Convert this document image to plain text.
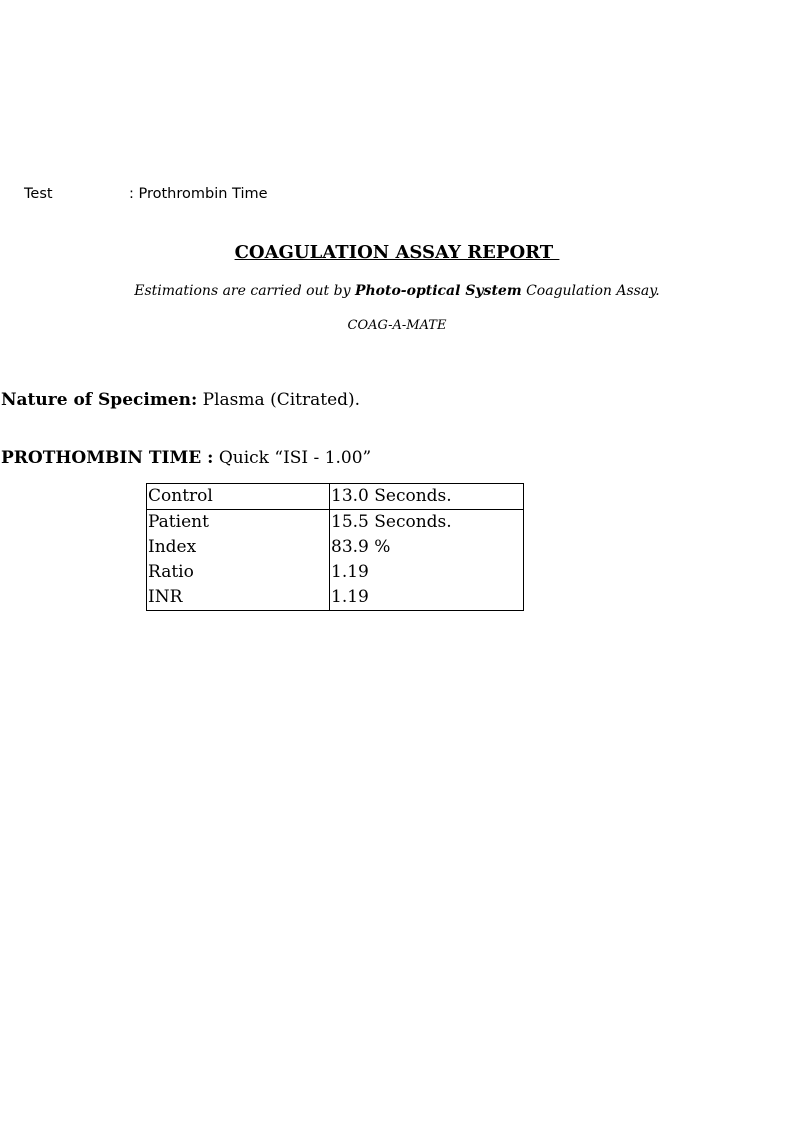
Test	: Prothrombin Time
COAGULATION ASSAY REPORT
Estimations are carried out by Photo-optical System Coagulation Assay.
COAG-A-MATE
Nature of Specimen: Plasma (Citrated).
PROTHOMBIN TIME : Quick “ISI - 1.00”
Control	13.0 Seconds.
Patient	15.5 Seconds.
Index	83.9 %
Ratio	1.19
INR	1.19
